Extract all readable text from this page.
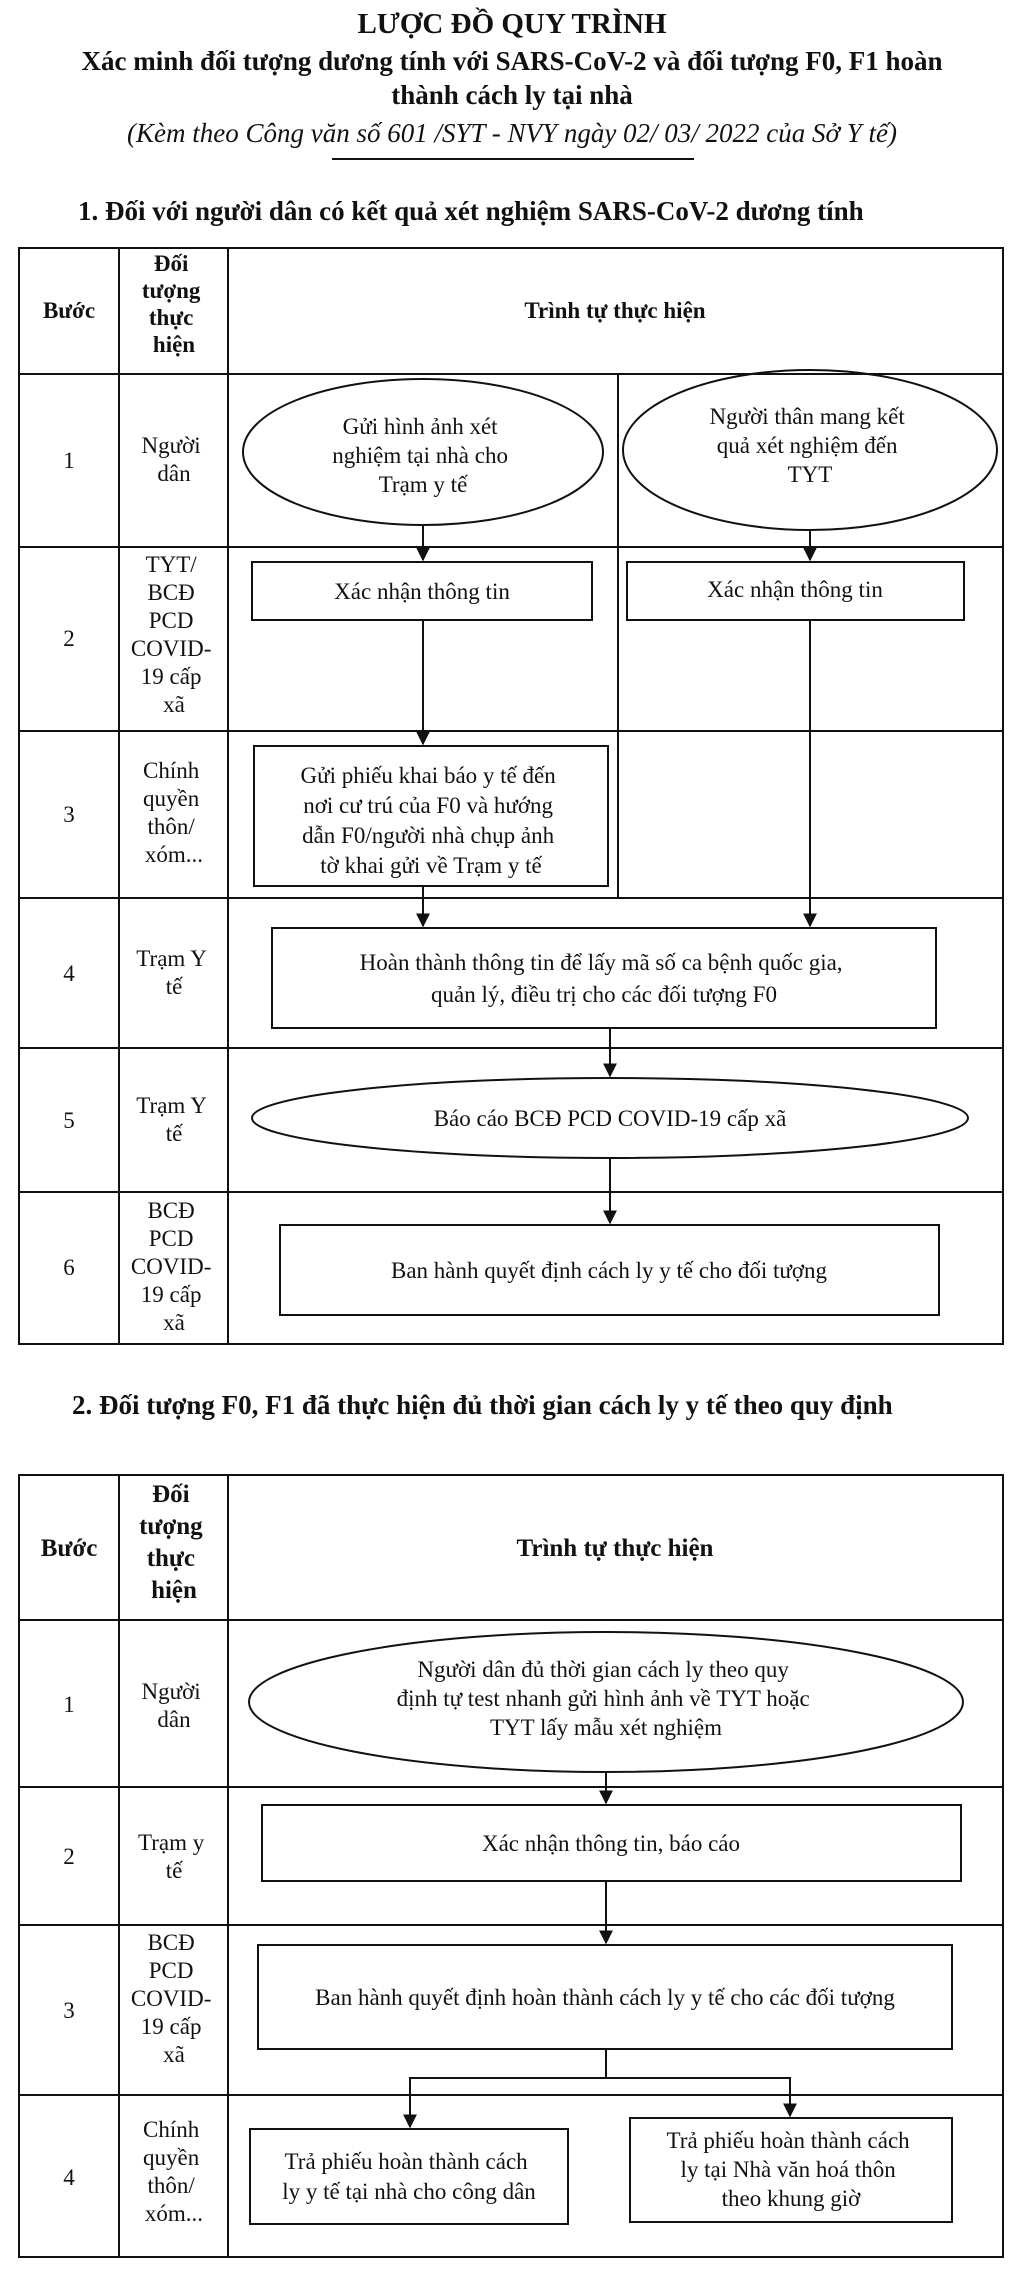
LƯỢC ĐỒ QUY TRÌNH
Xác minh đối tượng dương tính với SARS-CoV-2 và đối tượng F0, F1 hoàn
thành cách ly tại nhà
(Kèm theo Công văn số 601 /SYT - NVY ngày 02/ 03/ 2022 của Sở Y tế)
1. Đối với người dân có kết quả xét nghiệm SARS-CoV-2 dương tính
2. Đối tượng F0, F1 đã thực hiện đủ thời gian cách ly y tế theo quy định
Bước
Đối tượng thực hiện
Trình tự thực hiện
1
2
3
4
5
6
Người dân
TYT/ BCĐ PCD COVID- 19 cấp xã
Chính quyền thôn/ xóm...
Trạm Y tế
Trạm Y tế
BCĐ PCD COVID- 19 cấp xã
Gửi hình ảnh xét nghiệm tại nhà cho Trạm y tế
Người thân mang kết quả xét nghiệm đến TYT
Xác nhận thông tin	Xác nhận thông tin
Gửi phiếu khai báo y tế đến nơi cư trú của F0 và hướng dẫn F0/người nhà chụp ảnh tờ khai gửi về Trạm y tế
Hoàn thành thông tin để lấy mã số ca bệnh quốc gia, quản lý, điều trị cho các đối tượng F0
Báo cáo BCĐ PCD COVID-19 cấp xã
Ban hành quyết định cách ly y tế cho đối tượng
Bước
Đối tượng thực hiện
Trình tự thực hiện
1
2
3
4
Người dân
Trạm y tế
BCĐ PCD COVID- 19 cấp xã
Chính quyền thôn/ xóm...
Người dân đủ thời gian cách ly theo quy định tự test nhanh gửi hình ảnh về TYT hoặc TYT lấy mẫu xét nghiệm
Xác nhận thông tin, báo cáo
Ban hành quyết định hoàn thành cách ly y tế cho các đối tượng
Trả phiếu hoàn thành cách ly y tế tại nhà cho công dân
Trả phiếu hoàn thành cách ly tại Nhà văn hoá thôn theo khung giờ
